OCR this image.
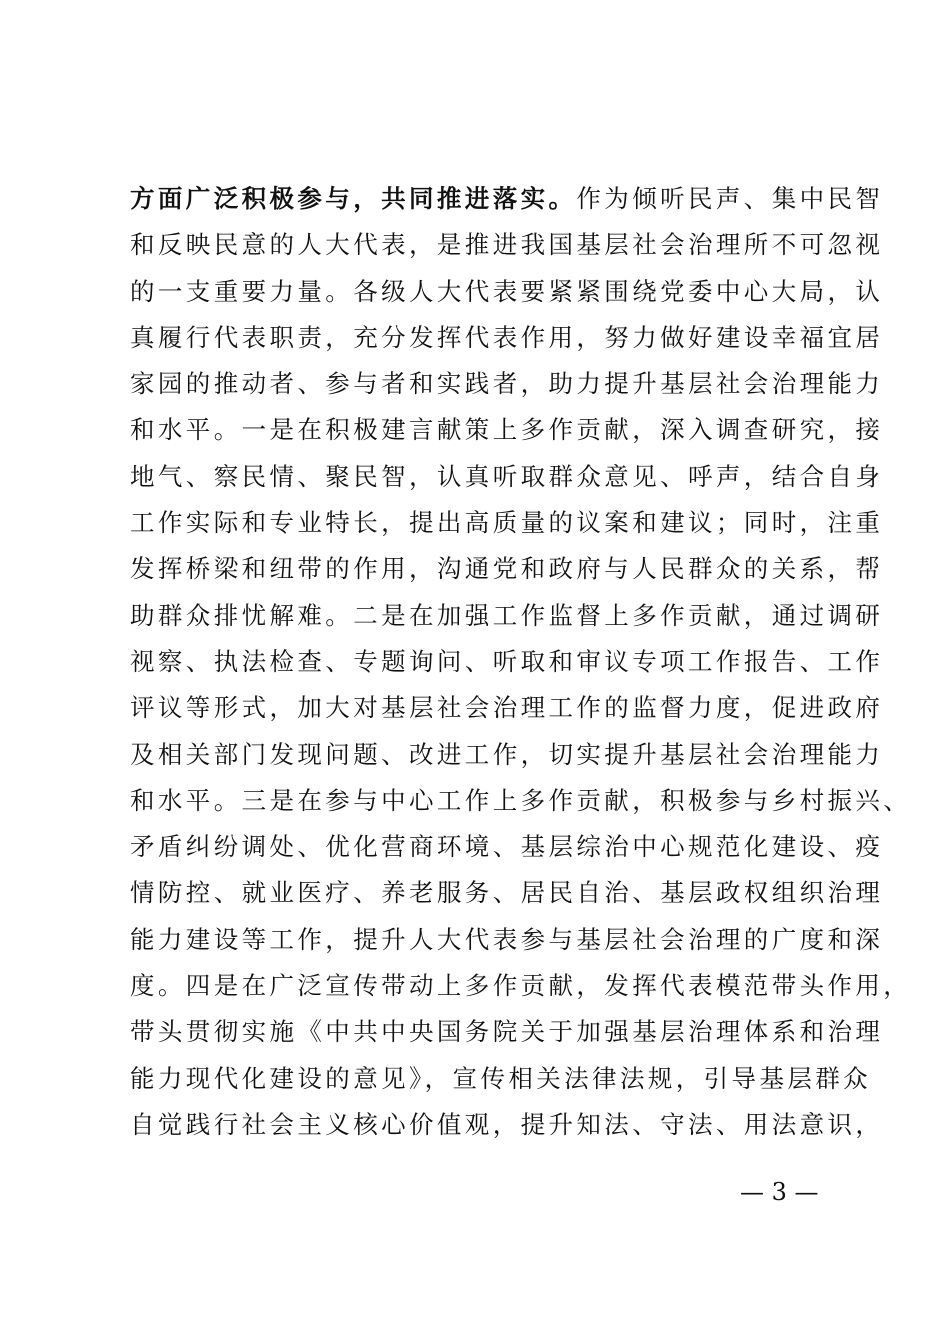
方面广泛积极参与，共同推进落实。作为倾听民声、集中民智
和反映民意的人大代表，是推进我国基层社会治理所不可忽视
的一支重要力量。各级人大代表要紧紧围绕党委中心大局，认
真履行代表职责，充分发挥代表作用，努力做好建设幸福宜居
家园的推动者、参与者和实践者，助力提升基层社会治理能力
和水平。一是在积极建言献策上多作贡献，深入调查研究，接
地气、察民情、聚民智，认真听取群众意见、呼声，结合自身
工作实际和专业特长，提出高质量的议案和建议；同时，注重
发挥桥梁和纽带的作用，沟通党和政府与人民群众的关系，帮
助群众排忧解难。二是在加强工作监督上多作贡献，通过调研
视察、执法检查、专题询问、听取和审议专项工作报告、工作
评议等形式，加大对基层社会治理工作的监督力度，促进政府
及相关部门发现问题、改进工作，切实提升基层社会治理能力
和水平。三是在参与中心工作上多作贡献，积极参与乡村振兴、
矛盾纠纷调处、优化营商环境、基层综治中心规范化建设、疫
情防控、就业医疗、养老服务、居民自治、基层政权组织治理
能力建设等工作，提升人大代表参与基层社会治理的广度和深
度。四是在广泛宣传带动上多作贡献，发挥代表模范带头作用，
带头贯彻实施《中共中央国务院关于加强基层治理体系和治理
能力现代化建设的意见》，宣传相关法律法规，引导基层群众
自觉践行社会主义核心价值观，提升知法、守法、用法意识，
— 3 —
